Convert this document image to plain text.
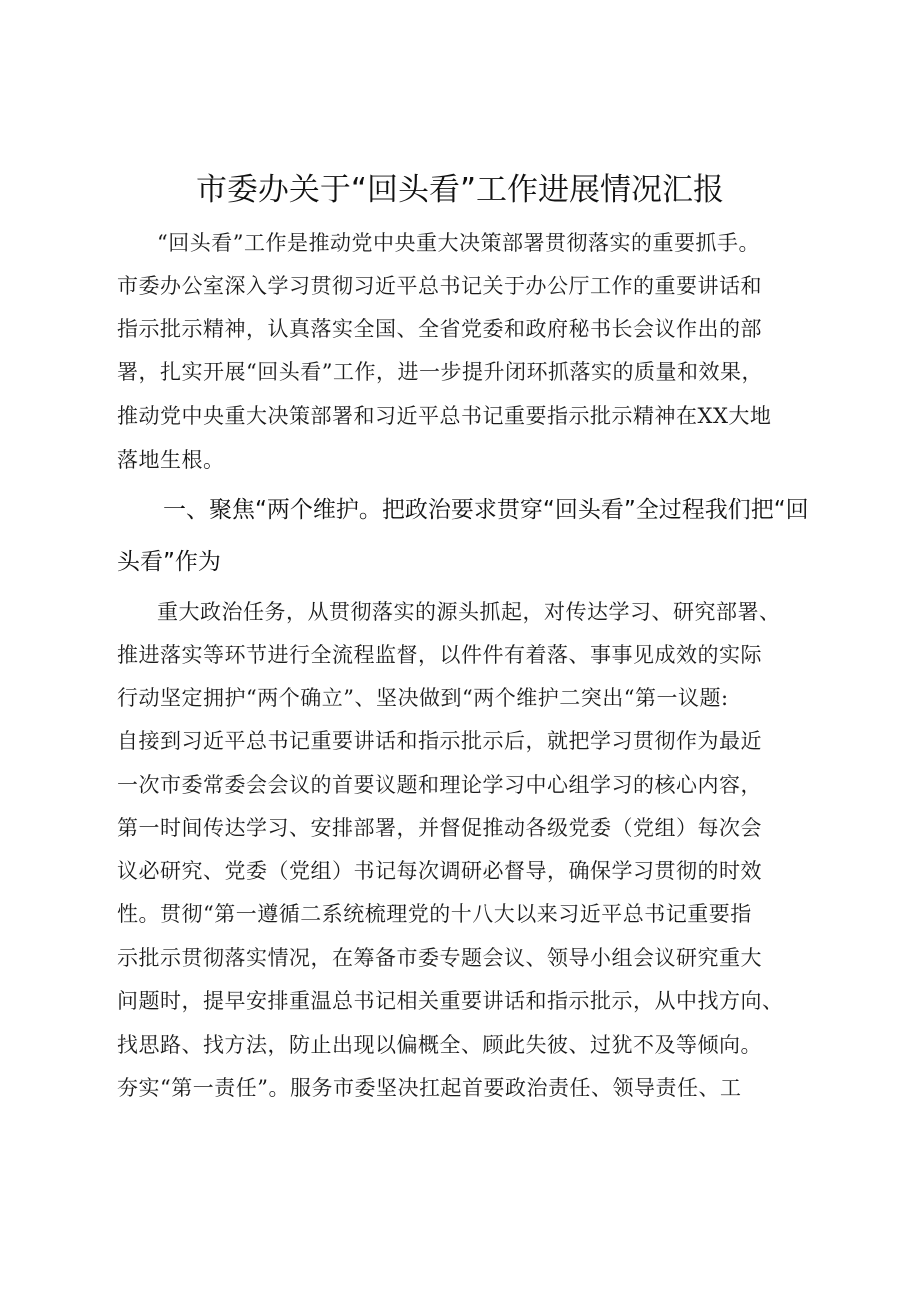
市委办关于“回头看”工作进展情况汇报
“回头看”工作是推动党中央重大决策部署贯彻落实的重要抓手。
市委办公室深入学习贯彻习近平总书记关于办公厅工作的重要讲话和
指示批示精神，认真落实全国、全省党委和政府秘书长会议作出的部
署，扎实开展“回头看”工作，进一步提升闭环抓落实的质量和效果，
推动党中央重大决策部署和习近平总书记重要指示批示精神在XX大地
落地生根。
一、聚焦“两个维护。把政治要求贯穿“回头看”全过程我们把“回
头看”作为
重大政治任务，从贯彻落实的源头抓起，对传达学习、研究部署、
推进落实等环节进行全流程监督，以件件有着落、事事见成效的实际
行动坚定拥护“两个确立”、坚决做到“两个维护二突出“第一议题:
自接到习近平总书记重要讲话和指示批示后，就把学习贯彻作为最近
一次市委常委会会议的首要议题和理论学习中心组学习的核心内容，
第一时间传达学习、安排部署，并督促推动各级党委（党组）每次会
议必研究、党委（党组）书记每次调研必督导，确保学习贯彻的时效
性。贯彻“第一遵循二系统梳理党的十八大以来习近平总书记重要指
示批示贯彻落实情况，在筹备市委专题会议、领导小组会议研究重大
问题时，提早安排重温总书记相关重要讲话和指示批示，从中找方向、
找思路、找方法，防止出现以偏概全、顾此失彼、过犹不及等倾向。
夯实“第一责任”。服务市委坚决扛起首要政治责任、领导责任、工
